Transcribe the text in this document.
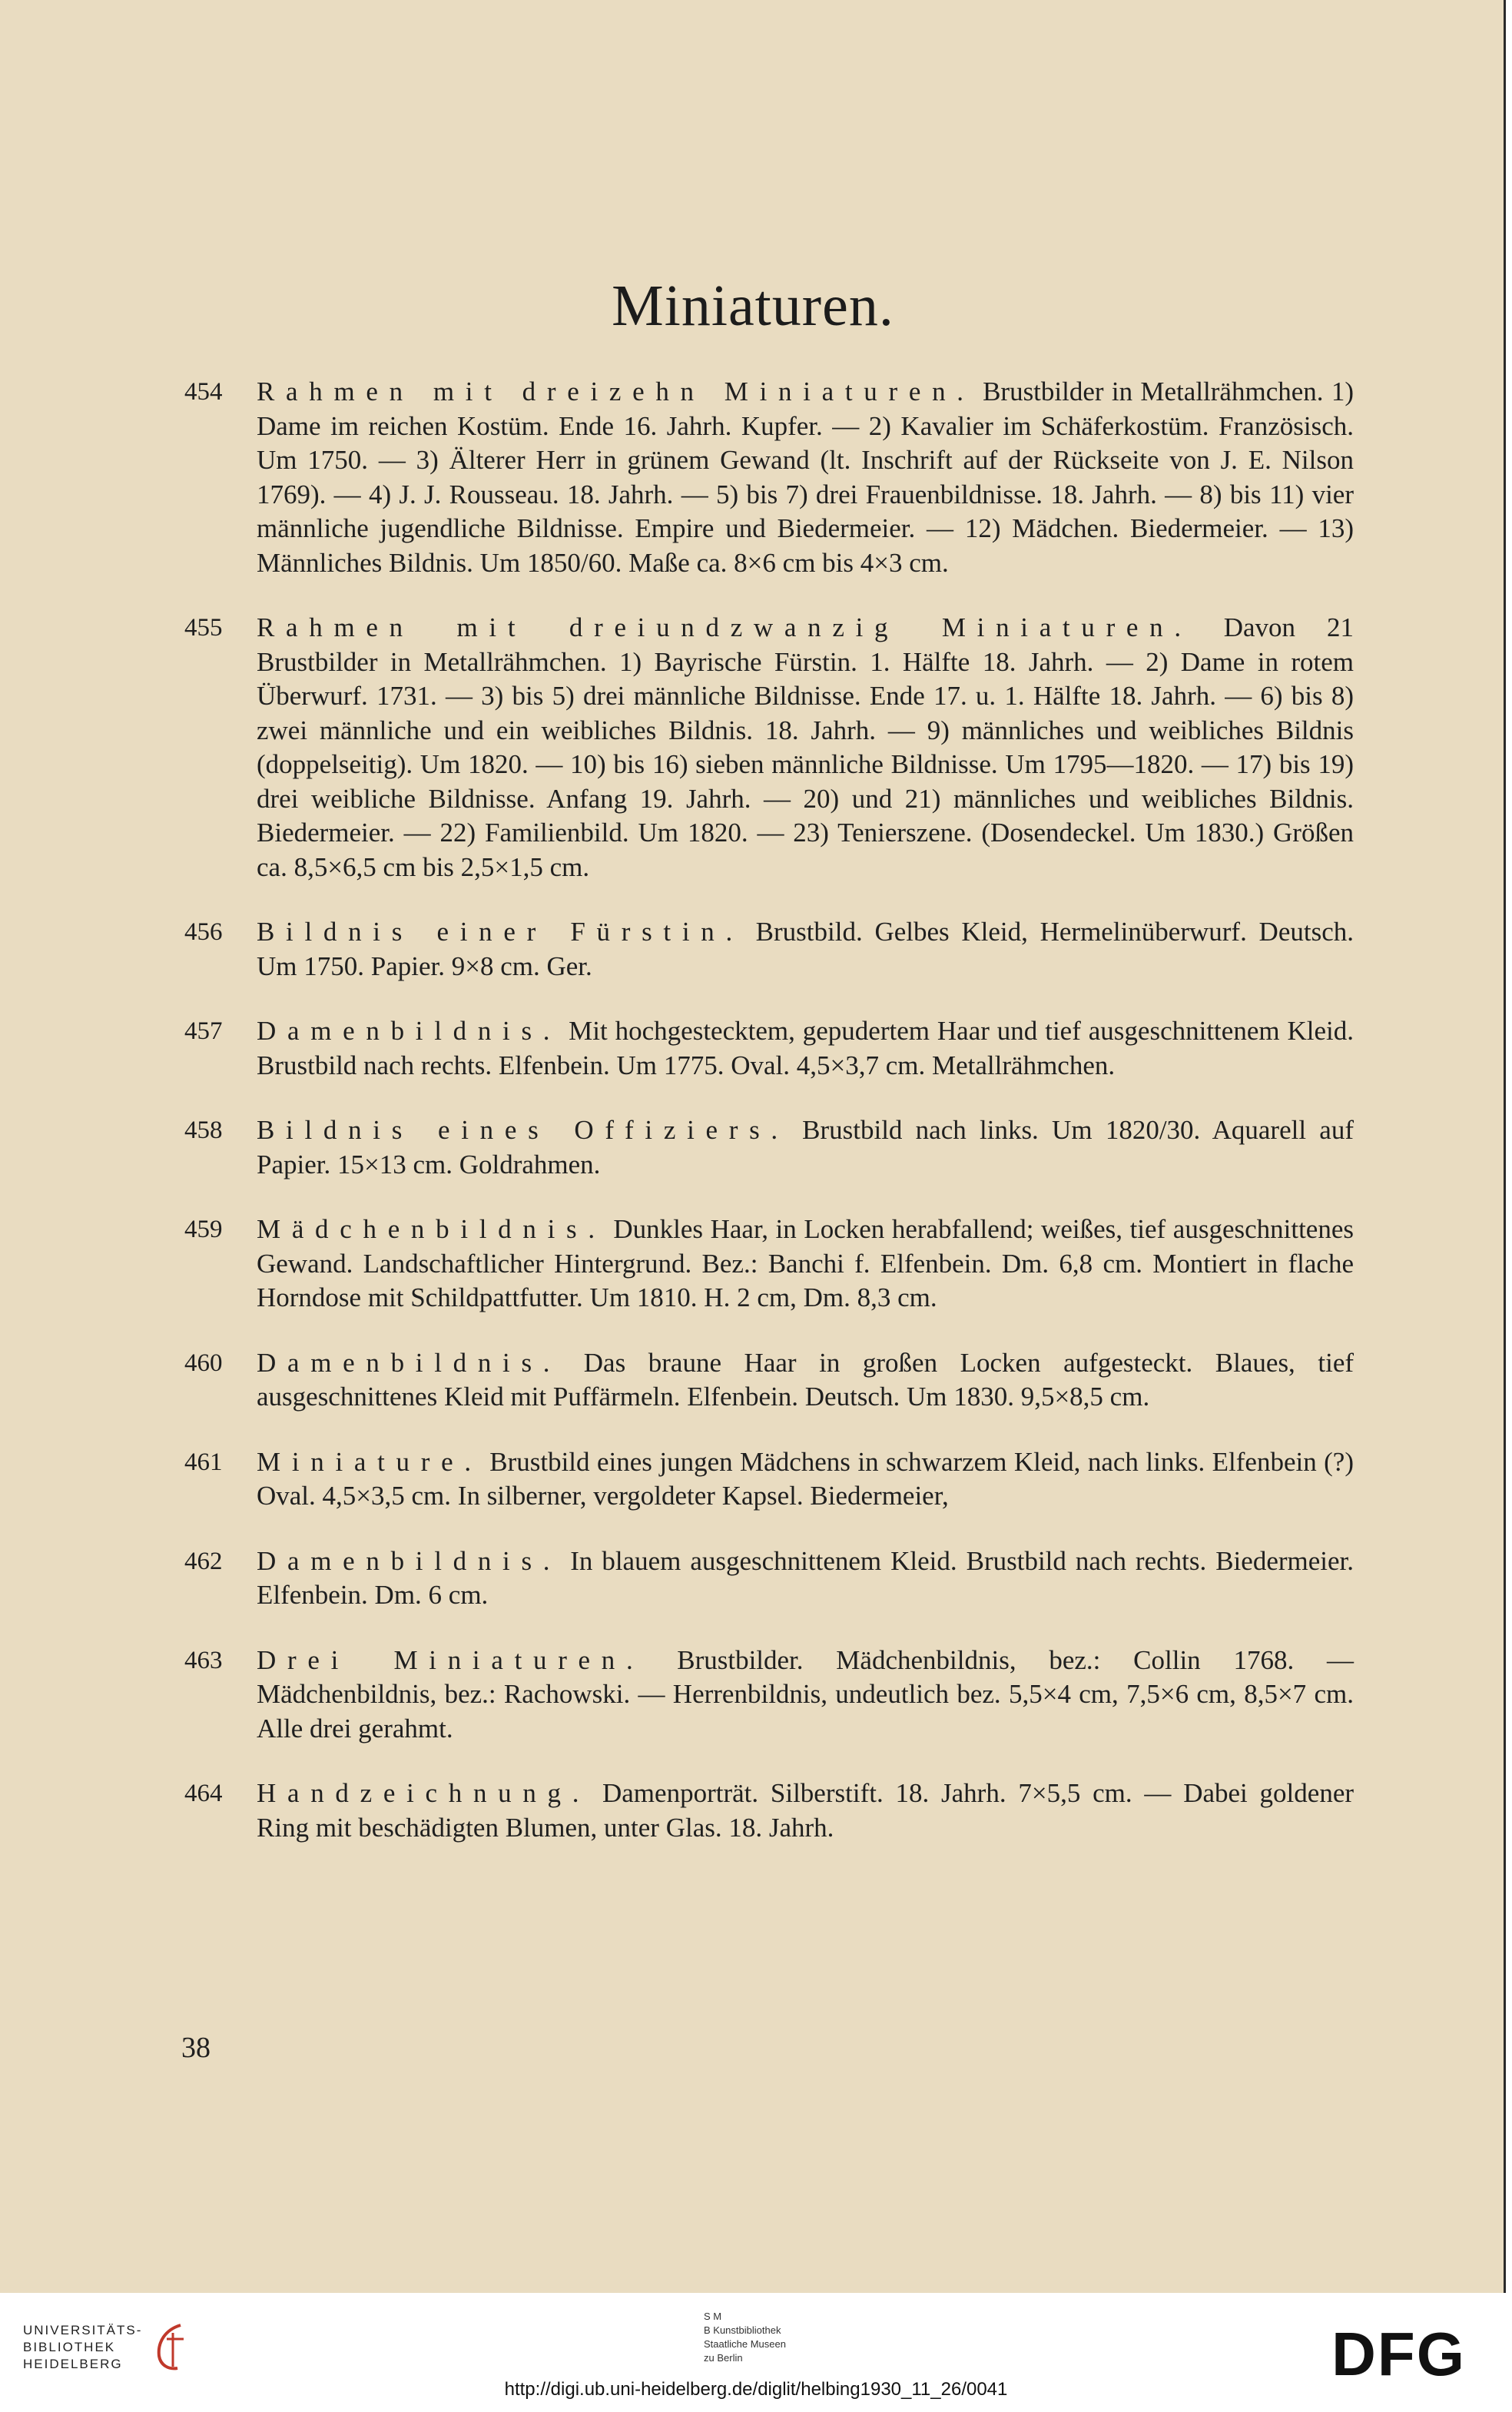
Miniaturen.
454 Rahmen mit dreizehn Miniaturen. Brustbilder in Metallrähmchen. 1) Dame im reichen Kostüm. Ende 16. Jahrh. Kupfer. — 2) Kavalier im Schäferkostüm. Französisch. Um 1750. — 3) Älterer Herr in grünem Gewand (lt. Inschrift auf der Rückseite von J. E. Nilson 1769). — 4) J. J. Rousseau. 18. Jahrh. — 5) bis 7) drei Frauenbildnisse. 18. Jahrh. — 8) bis 11) vier männliche jugendliche Bildnisse. Empire und Biedermeier. — 12) Mädchen. Biedermeier. — 13) Männliches Bildnis. Um 1850/60. Maße ca. 8×6 cm bis 4×3 cm.
455 Rahmen mit dreiundzwanzig Miniaturen. Davon 21 Brustbilder in Metallrähmchen. 1) Bayrische Fürstin. 1. Hälfte 18. Jahrh. — 2) Dame in rotem Überwurf. 1731. — 3) bis 5) drei männliche Bildnisse. Ende 17. u. 1. Hälfte 18. Jahrh. — 6) bis 8) zwei männliche und ein weibliches Bildnis. 18. Jahrh. — 9) männliches und weibliches Bildnis (doppelseitig). Um 1820. — 10) bis 16) sieben männliche Bildnisse. Um 1795—1820. — 17) bis 19) drei weibliche Bildnisse. Anfang 19. Jahrh. — 20) und 21) männliches und weibliches Bildnis. Biedermeier. — 22) Familienbild. Um 1820. — 23) Tenierszene. (Dosendeckel. Um 1830.) Größen ca. 8,5×6,5 cm bis 2,5×1,5 cm.
456 Bildnis einer Fürstin. Brustbild. Gelbes Kleid, Hermelinüberwurf. Deutsch. Um 1750. Papier. 9×8 cm. Ger.
457 Damenbildnis. Mit hochgestecktem, gepudertem Haar und tief ausgeschnittenem Kleid. Brustbild nach rechts. Elfenbein. Um 1775. Oval. 4,5×3,7 cm. Metallrähmchen.
458 Bildnis eines Offiziers. Brustbild nach links. Um 1820/30. Aquarell auf Papier. 15×13 cm. Goldrahmen.
459 Mädchenbildnis. Dunkles Haar, in Locken herabfallend; weißes, tief ausgeschnittenes Gewand. Landschaftlicher Hintergrund. Bez.: Banchi f. Elfenbein. Dm. 6,8 cm. Montiert in flache Horndose mit Schildpattfutter. Um 1810. H. 2 cm, Dm. 8,3 cm.
460 Damenbildnis. Das braune Haar in großen Locken aufgesteckt. Blaues, tief ausgeschnittenes Kleid mit Puffärmeln. Elfenbein. Deutsch. Um 1830. 9,5×8,5 cm.
461 Miniature. Brustbild eines jungen Mädchens in schwarzem Kleid, nach links. Elfenbein (?) Oval. 4,5×3,5 cm. In silberner, vergoldeter Kapsel. Biedermeier,
462 Damenbildnis. In blauem ausgeschnittenem Kleid. Brustbild nach rechts. Biedermeier. Elfenbein. Dm. 6 cm.
463 Drei Miniaturen. Brustbilder. Mädchenbildnis, bez.: Collin 1768. — Mädchenbildnis, bez.: Rachowski. — Herrenbildnis, undeutlich bez. 5,5×4 cm, 7,5×6 cm, 8,5×7 cm. Alle drei gerahmt.
464 Handzeichnung. Damenporträt. Silberstift. 18. Jahrh. 7×5,5 cm. — Dabei goldener Ring mit beschädigten Blumen, unter Glas. 18. Jahrh.
38
UNIVERSITÄTS-
BIBLIOTHEK
HEIDELBERG
S M
B Kunstbibliothek
Staatliche Museen
zu Berlin	DFG
http://digi.ub.uni-heidelberg.de/diglit/helbing1930_11_26/0041
